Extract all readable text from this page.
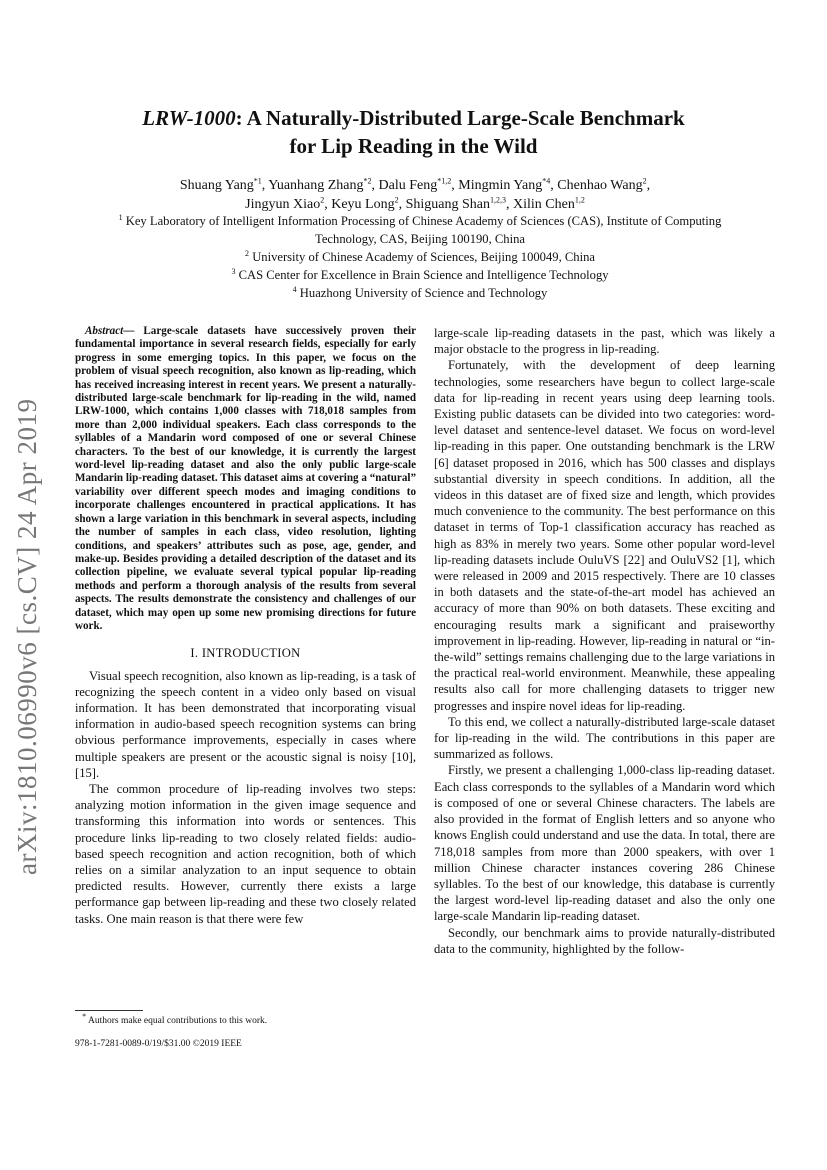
LRW-1000: A Naturally-Distributed Large-Scale Benchmark
for Lip Reading in the Wild
Shuang Yang$^{*1}$, Yuanhang Zhang$^{*2}$, Dalu Feng$^{*1,2}$, Mingmin Yang$^{*4}$, Chenhao Wang$^2$,
Jingyun Xiao$^2$, Keyu Long$^2$, Shiguang Shan$^{1,2,3}$, Xilin Chen$^{1,2}$
$^1$ Key Laboratory of Intelligent Information Processing of Chinese Academy of Sciences (CAS), Institute of Computing Technology, CAS, Beijing 100190, China
$^2$ University of Chinese Academy of Sciences, Beijing 100049, China
$^3$ CAS Center for Excellence in Brain Science and Intelligence Technology
$^4$ Huazhong University of Science and Technology
arXiv:1810.06990v6 [cs.CV] 24 Apr 2019

Abstract— Large-scale datasets have successively proven their fundamental importance in several research fields, especially for early progress in some emerging topics. In this paper, we focus on the problem of visual speech recognition, also known as lip-reading, which has received increasing interest in recent years. We present a naturally-distributed large-scale benchmark for lip-reading in the wild, named LRW-1000, which contains 1,000 classes with 718,018 samples from more than 2,000 individual speakers. Each class corresponds to the syllables of a Mandarin word composed of one or several Chinese characters. To the best of our knowledge, it is currently the largest word-level lip-reading dataset and also the only public large-scale Mandarin lip-reading dataset. This dataset aims at covering a “natural” variability over different speech modes and imaging conditions to incorporate challenges encountered in practical applications. It has shown a large variation in this benchmark in several aspects, including the number of samples in each class, video resolution, lighting conditions, and speakers’ attributes such as pose, age, gender, and make-up. Besides providing a detailed description of the dataset and its collection pipeline, we evaluate several typical popular lip-reading methods and perform a thorough analysis of the results from several aspects. The results demonstrate the consistency and challenges of our dataset, which may open up some new promising directions for future work.

I. INTRODUCTION

Visual speech recognition, also known as lip-reading, is a task of recognizing the speech content in a video only based on visual information. It has been demonstrated that incorporating visual information in audio-based speech recognition systems can bring obvious performance improvements, especially in cases where multiple speakers are present or the acoustic signal is noisy [10], [15].

The common procedure of lip-reading involves two steps: analyzing motion information in the given image sequence and transforming this information into words or sentences. This procedure links lip-reading to two closely related fields: audio-based speech recognition and action recognition, both of which relies on a similar analyzation to an input sequence to obtain predicted results. However, currently there exists a large performance gap between lip-reading and these two closely related tasks. One main reason is that there were few

large-scale lip-reading datasets in the past, which was likely a major obstacle to the progress in lip-reading.

Fortunately, with the development of deep learning technologies, some researchers have begun to collect large-scale data for lip-reading in recent years using deep learning tools. Existing public datasets can be divided into two categories: word-level dataset and sentence-level dataset. We focus on word-level lip-reading in this paper. One outstanding benchmark is the LRW [6] dataset proposed in 2016, which has 500 classes and displays substantial diversity in speech conditions. In addition, all the videos in this dataset are of fixed size and length, which provides much convenience to the community. The best performance on this dataset in terms of Top-1 classification accuracy has reached as high as 83% in merely two years. Some other popular word-level lip-reading datasets include OuluVS [22] and OuluVS2 [1], which were released in 2009 and 2015 respectively. There are 10 classes in both datasets and the state-of-the-art model has achieved an accuracy of more than 90% on both datasets. These exciting and encouraging results mark a significant and praiseworthy improvement in lip-reading. However, lip-reading in natural or “in-the-wild” settings remains challenging due to the large variations in the practical real-world environment. Meanwhile, these appealing results also call for more challenging datasets to trigger new progresses and inspire novel ideas for lip-reading.

To this end, we collect a naturally-distributed large-scale dataset for lip-reading in the wild. The contributions in this paper are summarized as follows.

Firstly, we present a challenging 1,000-class lip-reading dataset. Each class corresponds to the syllables of a Mandarin word which is composed of one or several Chinese characters. The labels are also provided in the format of English letters and so anyone who knows English could understand and use the data. In total, there are 718,018 samples from more than 2000 speakers, with over 1 million Chinese character instances covering 286 Chinese syllables. To the best of our knowledge, this database is currently the largest word-level lip-reading dataset and also the only one large-scale Mandarin lip-reading dataset.

Secondly, our benchmark aims to provide naturally-distributed data to the community, highlighted by the follow-

* Authors make equal contributions to this work.
978-1-7281-0089-0/19/$31.00 ©2019 IEEE
